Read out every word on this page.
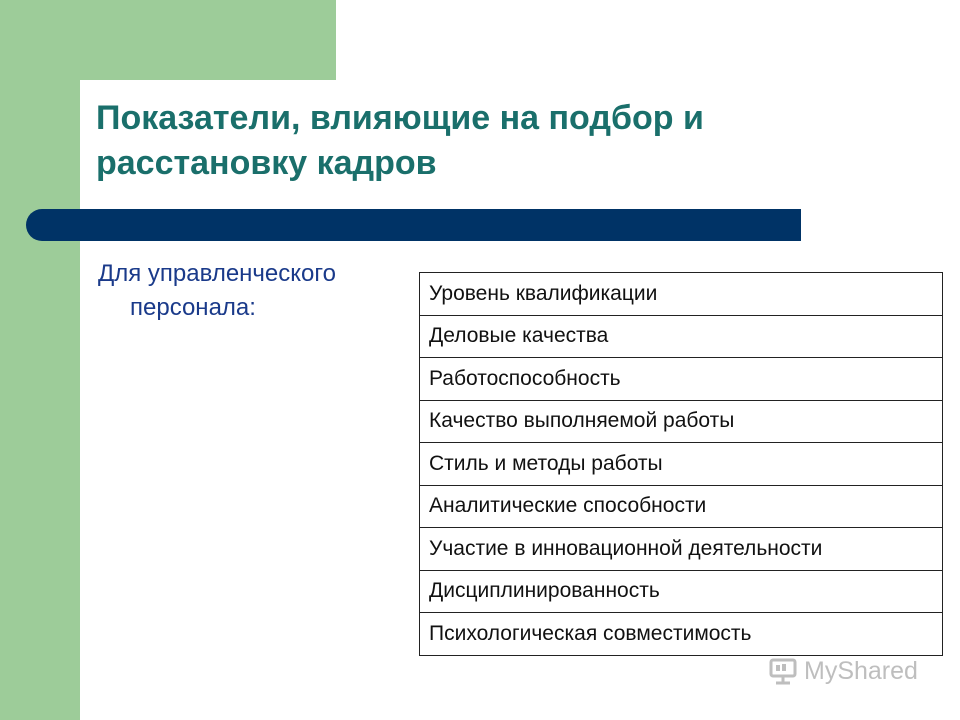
Показатели, влияющие на подбор и расстановку кадров

Для управленческого
персонала:

Уровень квалификации
Деловые качества
Работоспособность
Качество выполняемой работы
Стиль и методы работы
Аналитические способности
Участие в инновационной деятельности
Дисциплинированность
Психологическая совместимость
MyShared
